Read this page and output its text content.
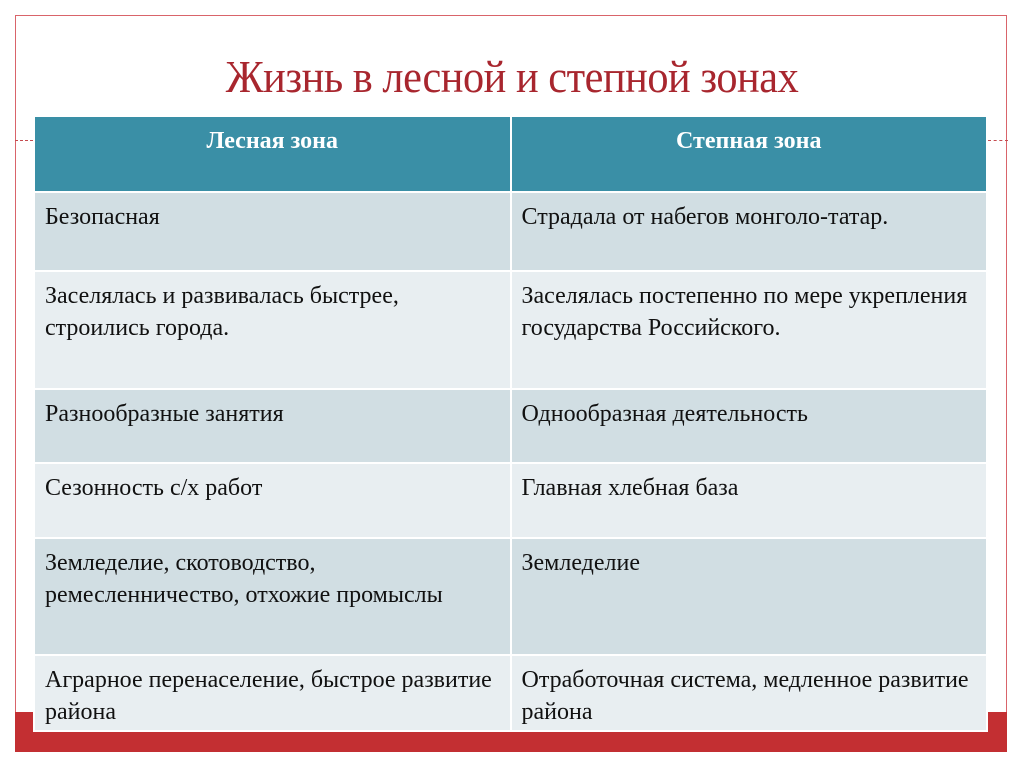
Жизнь в лесной и степной зонах
Лесная зона	Степная зона
Безопасная	Страдала от набегов монголо-татар.
Заселялась и развивалась быстрее, строились города.	Заселялась постепенно по мере укрепления государства Российского.
Разнообразные занятия	Однообразная деятельность
Сезонность с/х работ	Главная хлебная база
Земледелие, скотоводство, ремесленничество, отхожие промыслы	Земледелие
Аграрное перенаселение, быстрое развитие района	Отработочная система, медленное развитие района
